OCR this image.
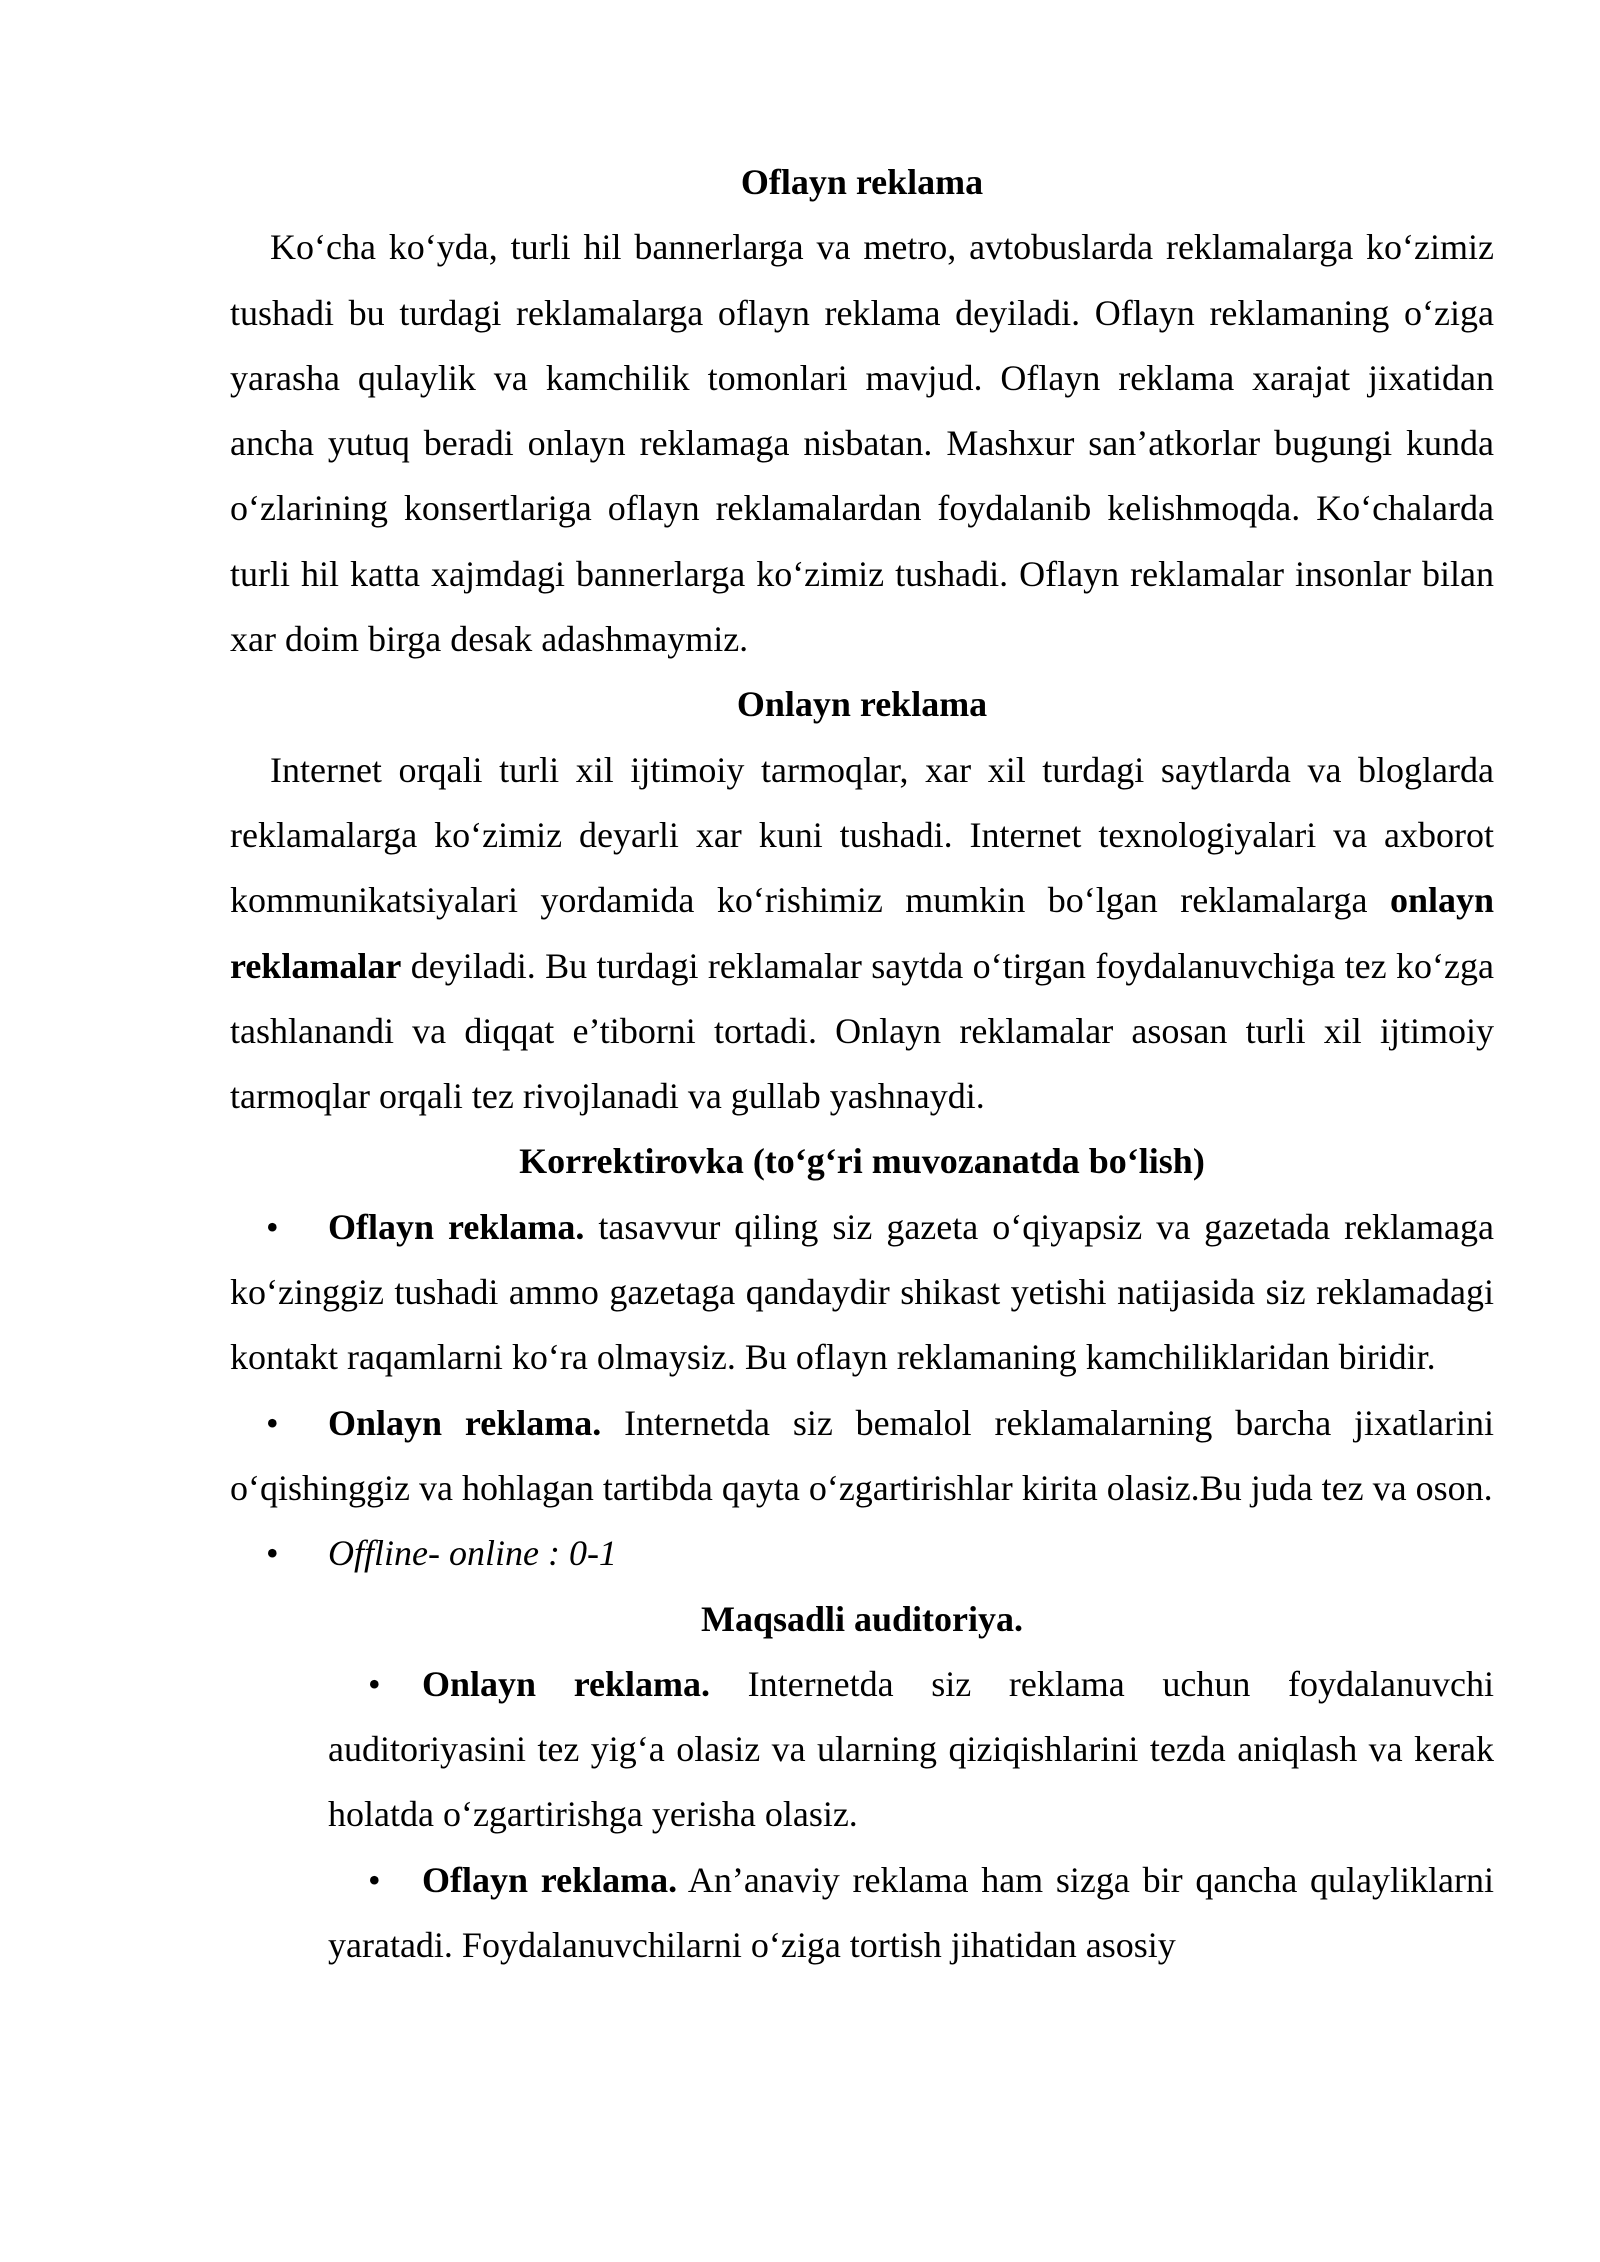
Oflayn reklama

Ko‘cha ko‘yda, turli hil bannerlarga va metro, avtobuslarda reklamalarga ko‘zimiz tushadi bu turdagi reklamalarga oflayn reklama deyiladi. Oflayn reklamaning o‘ziga yarasha qulaylik va kamchilik tomonlari mavjud. Oflayn reklama xarajat jixatidan ancha yutuq beradi onlayn reklamaga nisbatan. Mashxur san’atkorlar bugungi kunda o‘zlarining konsertlariga oflayn reklamalardan foydalanib kelishmoqda. Ko‘chalarda turli hil katta xajmdagi bannerlarga ko‘zimiz tushadi. Oflayn reklamalar insonlar bilan xar doim birga desak adashmaymiz.

Onlayn reklama

Internet orqali turli xil ijtimoiy tarmoqlar, xar xil turdagi saytlarda va bloglarda reklamalarga ko‘zimiz deyarli xar kuni tushadi. Internet texnologiyalari va axborot kommunikatsiyalari yordamida ko‘rishimiz mumkin bo‘lgan reklamalarga onlayn reklamalar deyiladi. Bu turdagi reklamalar saytda o‘tirgan foydalanuvchiga tez ko‘zga tashlanandi va diqqat e’tiborni tortadi. Onlayn reklamalar asosan turli xil ijtimoiy tarmoqlar orqali tez rivojlanadi va gullab yashnaydi.

Korrektirovka (to‘g‘ri muvozanatda bo‘lish)

• Oflayn reklama. tasavvur qiling siz gazeta o‘qiyapsiz va gazetada reklamaga ko‘zinggiz tushadi ammo gazetaga qandaydir shikast yetishi natijasida siz reklamadagi kontakt raqamlarni ko‘ra olmaysiz. Bu oflayn reklamaning kamchiliklaridan biridir.

• Onlayn reklama. Internetda siz bemalol reklamalarning barcha jixatlarini o‘qishinggiz va hohlagan tartibda qayta o‘zgartirishlar kirita olasiz.Bu juda tez va oson.

• Offline- online : 0-1

Maqsadli auditoriya.

• Onlayn reklama. Internetda siz reklama uchun foydalanuvchi auditoriyasini tez yig‘a olasiz va ularning qiziqishlarini tezda aniqlash va kerak holatda o‘zgartirishga yerisha olasiz.

• Oflayn reklama. An’anaviy reklama ham sizga bir qancha qulayliklarni yaratadi. Foydalanuvchilarni o‘ziga tortish jihatidan asosiy
